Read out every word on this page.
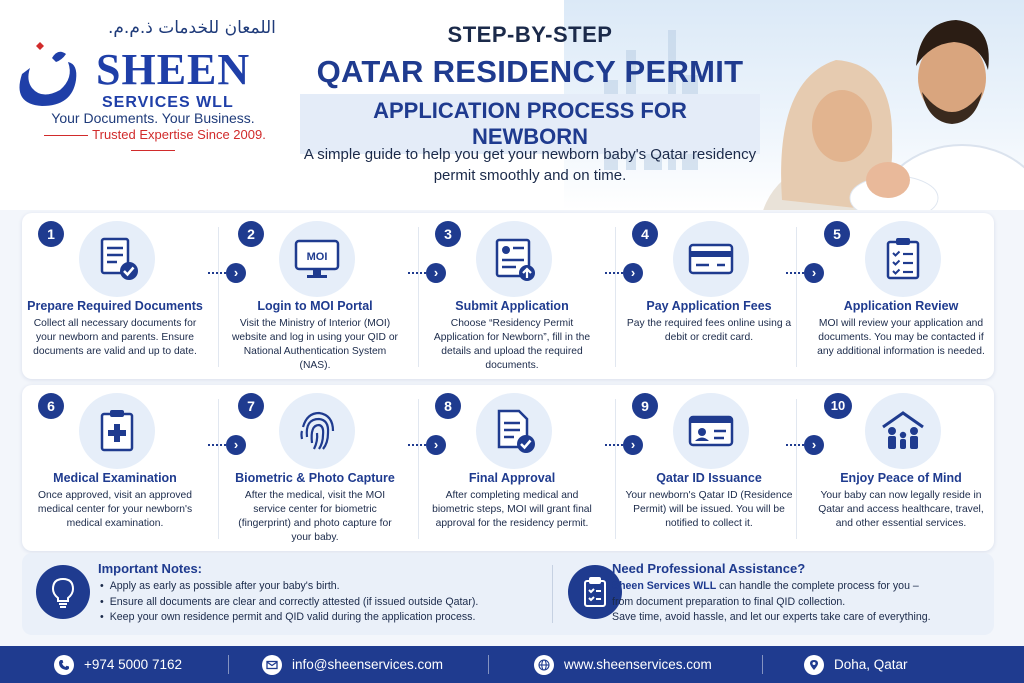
اللمعان للخدمات ذ.م.م.
SHEEN
SERVICES WLL
Your Documents. Your Business.
Trusted Expertise Since 2009.
STEP-BY-STEP
QATAR RESIDENCY PERMIT
APPLICATION PROCESS FOR NEWBORN
A simple guide to help you get your newborn baby's Qatar residency permit smoothly and on time.
1
Prepare Required Documents
Collect all necessary documents for your newborn and parents. Ensure documents are valid and up to date.
›
2
MOI
Login to MOI Portal
Visit the Ministry of Interior (MOI) website and log in using your QID or National Authentication System (NAS).
›
3
Submit Application
Choose “Residency Permit Application for Newborn”, fill in the details and upload the required documents.
›
4
Pay Application Fees
Pay the required fees online using a debit or credit card.
›
5
Application Review
MOI will review your application and documents. You may be contacted if any additional information is needed.
6
Medical Examination
Once approved, visit an approved medical center for your newborn's medical examination.
›
7
Biometric & Photo Capture
After the medical, visit the MOI service center for biometric (fingerprint) and photo capture for your baby.
›
8
Final Approval
After completing medical and biometric steps, MOI will grant final approval for the residency permit.
›
9
Qatar ID Issuance
Your newborn's Qatar ID (Residence Permit) will be issued. You will be notified to collect it.
›
10
Enjoy Peace of Mind
Your baby can now legally reside in Qatar and access healthcare, travel, and other essential services.
Important Notes:
• Apply as early as possible after your baby's birth.
• Ensure all documents are clear and correctly attested (if issued outside Qatar).
• Keep your own residence permit and QID valid during the application process.
Need Professional Assistance?
Sheen Services WLL can handle the complete process for you –
from document preparation to final QID collection.
Save time, avoid hassle, and let our experts take care of everything.
+974 5000 7162	info@sheenservices.com	www.sheenservices.com	Doha, Qatar
